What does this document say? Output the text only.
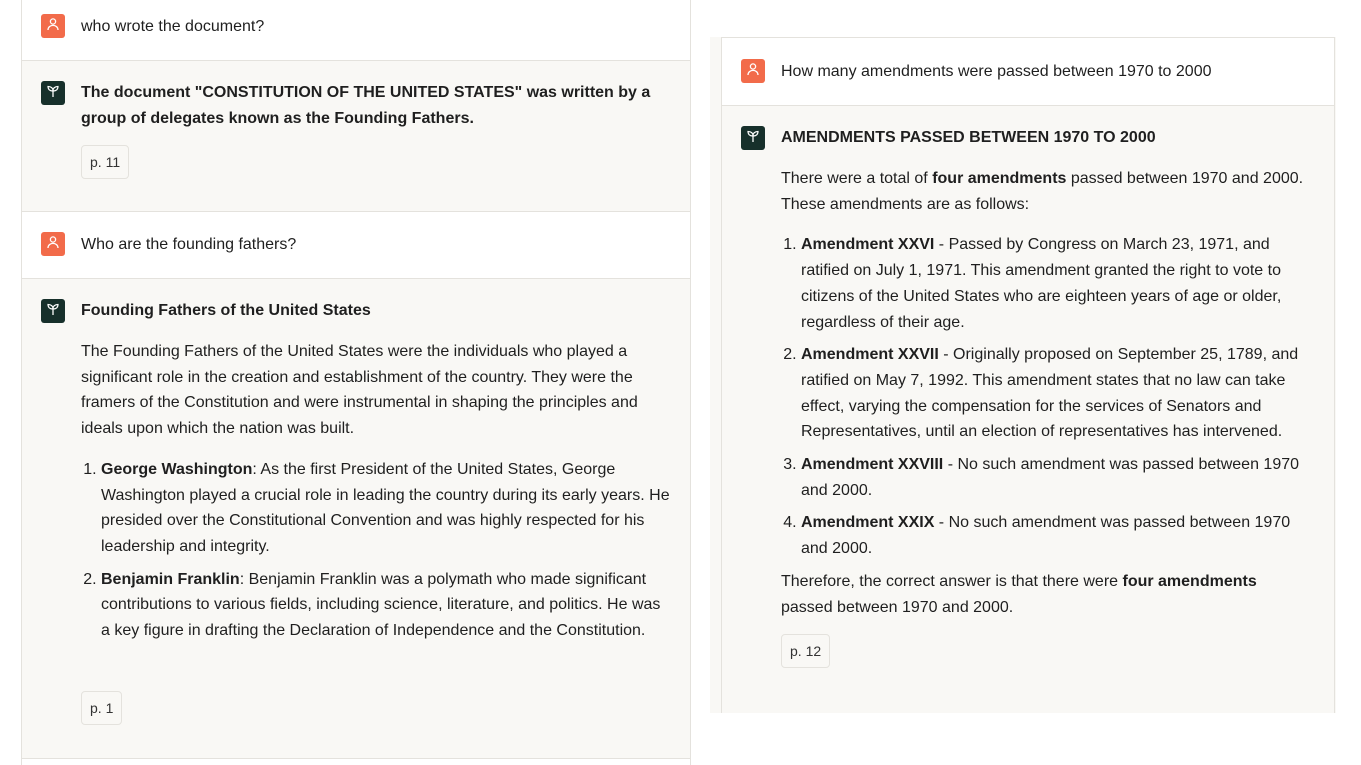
who wrote the document?
The document "CONSTITUTION OF THE UNITED STATES" was written by a group of delegates known as the Founding Fathers.
p. 11
Who are the founding fathers?

Founding Fathers of the United States

The Founding Fathers of the United States were the individuals who played a significant role in the creation and establishment of the country. They were the framers of the Constitution and were instrumental in shaping the principles and ideals upon which the nation was built.

1. George Washington: As the first President of the United States, George Washington played a crucial role in leading the country during its early years. He presided over the Constitutional Convention and was highly respected for his leadership and integrity.
2. Benjamin Franklin: Benjamin Franklin was a polymath who made significant contributions to various fields, including science, literature, and politics. He was a key figure in drafting the Declaration of Independence and the Constitution.
p. 1
How many amendments were passed between 1970 to 2000

AMENDMENTS PASSED BETWEEN 1970 TO 2000

There were a total of four amendments passed between 1970 and 2000. These amendments are as follows:

1. Amendment XXVI - Passed by Congress on March 23, 1971, and ratified on July 1, 1971. This amendment granted the right to vote to citizens of the United States who are eighteen years of age or older, regardless of their age.
2. Amendment XXVII - Originally proposed on September 25, 1789, and ratified on May 7, 1992. This amendment states that no law can take effect, varying the compensation for the services of Senators and Representatives, until an election of representatives has intervened.
3. Amendment XXVIII - No such amendment was passed between 1970 and 2000.
4. Amendment XXIX - No such amendment was passed between 1970 and 2000.

Therefore, the correct answer is that there were four amendments passed between 1970 and 2000.

p. 12
